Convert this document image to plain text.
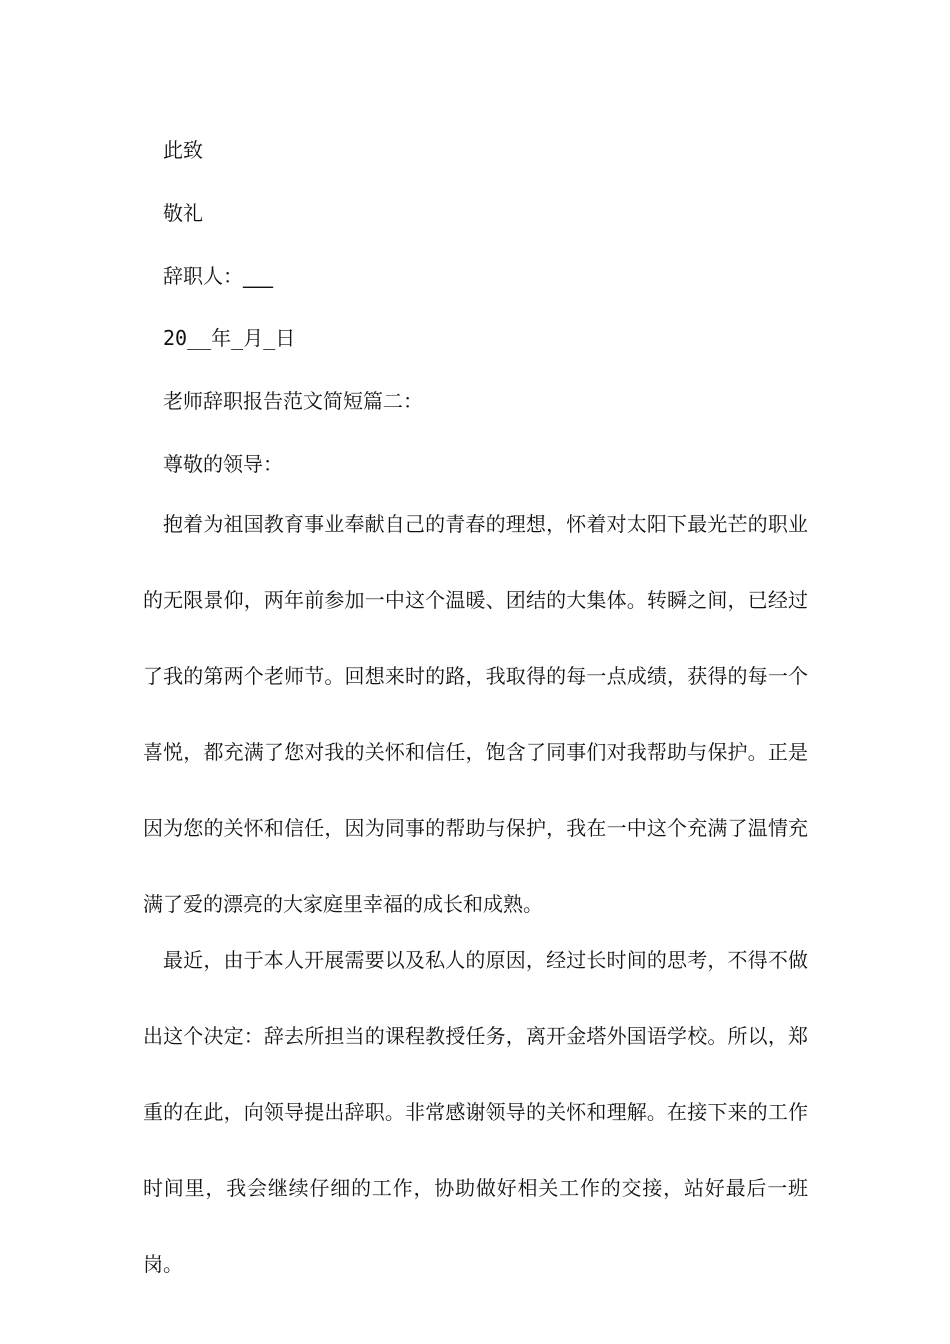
此致

敬礼

辞职人：___

20__年_月_日

老师辞职报告范文简短篇二：

尊敬的领导：

抱着为祖国教育事业奉献自己的青春的理想，怀着对太阳下最光芒的职业的无限景仰，两年前参加一中这个温暖、团结的大集体。转瞬之间，已经过了我的第两个老师节。回想来时的路，我取得的每一点成绩，获得的每一个喜悦，都充满了您对我的关怀和信任，饱含了同事们对我帮助与保护。正是因为您的关怀和信任，因为同事的帮助与保护，我在一中这个充满了温情充满了爱的漂亮的大家庭里幸福的成长和成熟。

最近，由于本人开展需要以及私人的原因，经过长时间的思考，不得不做出这个决定：辞去所担当的课程教授任务，离开金塔外国语学校。所以，郑重的在此，向领导提出辞职。非常感谢领导的关怀和理解。在接下来的工作时间里，我会继续仔细的工作，协助做好相关工作的交接，站好最后一班岗。
